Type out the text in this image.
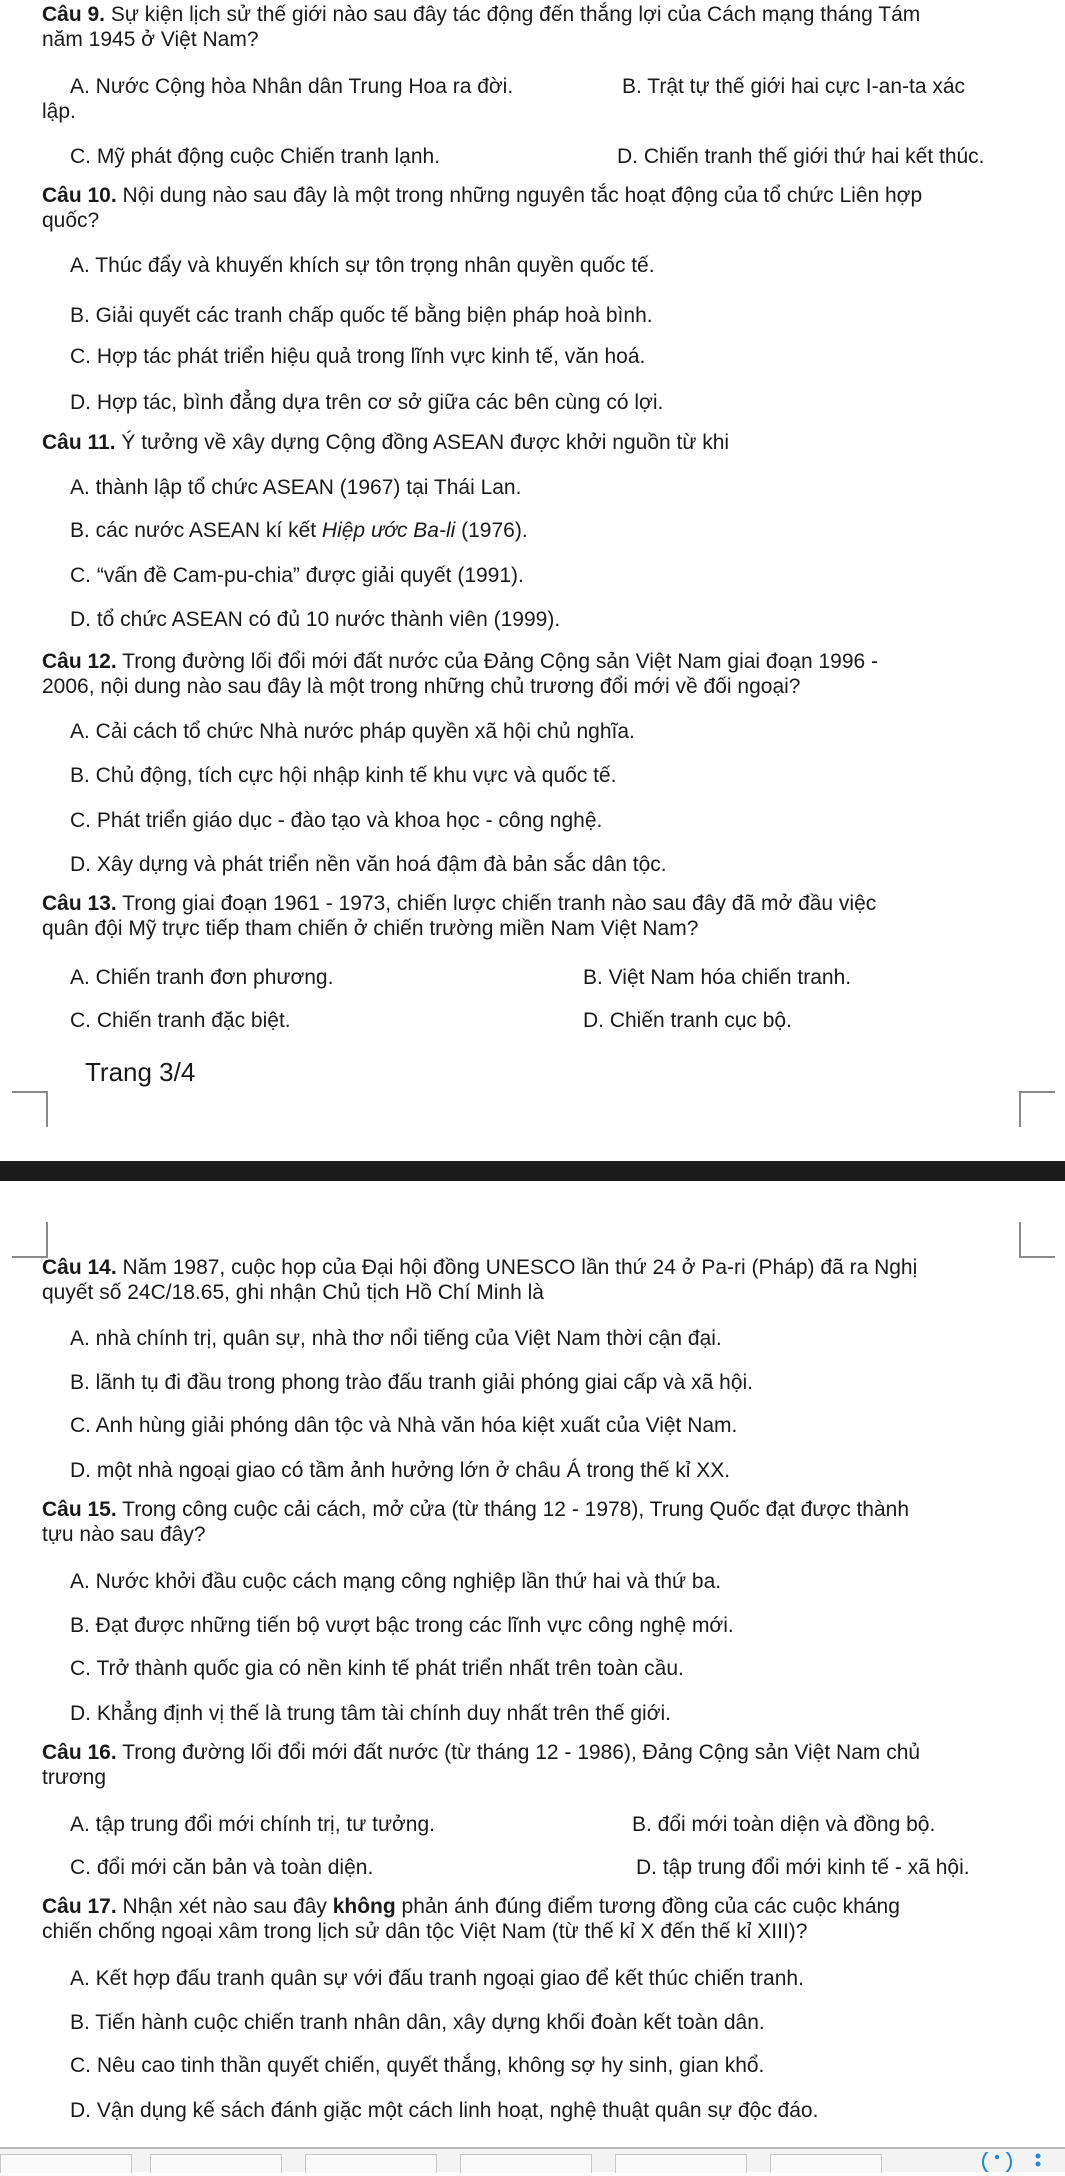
Câu 9. Sự kiện lịch sử thế giới nào sau đây tác động đến thắng lợi của Cách mạng tháng Tám
năm 1945 ở Việt Nam?
A. Nước Cộng hòa Nhân dân Trung Hoa ra đời.	B. Trật tự thế giới hai cực I-an-ta xác
lập.
C. Mỹ phát động cuộc Chiến tranh lạnh.	D. Chiến tranh thế giới thứ hai kết thúc.
Câu 10. Nội dung nào sau đây là một trong những nguyên tắc hoạt động của tổ chức Liên hợp
quốc?
A. Thúc đẩy và khuyến khích sự tôn trọng nhân quyền quốc tế.
B. Giải quyết các tranh chấp quốc tế bằng biện pháp hoà bình.
C. Hợp tác phát triển hiệu quả trong lĩnh vực kinh tế, văn hoá.
D. Hợp tác, bình đẳng dựa trên cơ sở giữa các bên cùng có lợi.
Câu 11. Ý tưởng về xây dựng Cộng đồng ASEAN được khởi nguồn từ khi
A. thành lập tổ chức ASEAN (1967) tại Thái Lan.
B. các nước ASEAN kí kết Hiệp ước Ba-li (1976).
C. “vấn đề Cam-pu-chia” được giải quyết (1991).
D. tổ chức ASEAN có đủ 10 nước thành viên (1999).
Câu 12. Trong đường lối đổi mới đất nước của Đảng Cộng sản Việt Nam giai đoạn 1996 -
2006, nội dung nào sau đây là một trong những chủ trương đổi mới về đối ngoại?
A. Cải cách tổ chức Nhà nước pháp quyền xã hội chủ nghĩa.
B. Chủ động, tích cực hội nhập kinh tế khu vực và quốc tế.
C. Phát triển giáo dục - đào tạo và khoa học - công nghệ.
D. Xây dựng và phát triển nền văn hoá đậm đà bản sắc dân tộc.
Câu 13. Trong giai đoạn 1961 - 1973, chiến lược chiến tranh nào sau đây đã mở đầu việc
quân đội Mỹ trực tiếp tham chiến ở chiến trường miền Nam Việt Nam?
A. Chiến tranh đơn phương.	B. Việt Nam hóa chiến tranh.
C. Chiến tranh đặc biệt.	D. Chiến tranh cục bộ.
Trang 3/4
Câu 14. Năm 1987, cuộc họp của Đại hội đồng UNESCO lần thứ 24 ở Pa-ri (Pháp) đã ra Nghị
quyết số 24C/18.65, ghi nhận Chủ tịch Hồ Chí Minh là
A. nhà chính trị, quân sự, nhà thơ nổi tiếng của Việt Nam thời cận đại.
B. lãnh tụ đi đầu trong phong trào đấu tranh giải phóng giai cấp và xã hội.
C. Anh hùng giải phóng dân tộc và Nhà văn hóa kiệt xuất của Việt Nam.
D. một nhà ngoại giao có tầm ảnh hưởng lớn ở châu Á trong thế kỉ XX.
Câu 15. Trong công cuộc cải cách, mở cửa (từ tháng 12 - 1978), Trung Quốc đạt được thành
tựu nào sau đây?
A. Nước khởi đầu cuộc cách mạng công nghiệp lần thứ hai và thứ ba.
B. Đạt được những tiến bộ vượt bậc trong các lĩnh vực công nghệ mới.
C. Trở thành quốc gia có nền kinh tế phát triển nhất trên toàn cầu.
D. Khẳng định vị thế là trung tâm tài chính duy nhất trên thế giới.
Câu 16. Trong đường lối đổi mới đất nước (từ tháng 12 - 1986), Đảng Cộng sản Việt Nam chủ
trương
A. tập trung đổi mới chính trị, tư tưởng.	B. đổi mới toàn diện và đồng bộ.
C. đổi mới căn bản và toàn diện.	D. tập trung đổi mới kinh tế - xã hội.
Câu 17. Nhận xét nào sau đây không phản ánh đúng điểm tương đồng của các cuộc kháng
chiến chống ngoại xâm trong lịch sử dân tộc Việt Nam (từ thế kỉ X đến thế kỉ XIII)?
A. Kết hợp đấu tranh quân sự với đấu tranh ngoại giao để kết thúc chiến tranh.
B. Tiến hành cuộc chiến tranh nhân dân, xây dựng khối đoàn kết toàn dân.
C. Nêu cao tinh thần quyết chiến, quyết thắng, không sợ hy sinh, gian khổ.
D. Vận dụng kế sách đánh giặc một cách linh hoạt, nghệ thuật quân sự độc đáo.
